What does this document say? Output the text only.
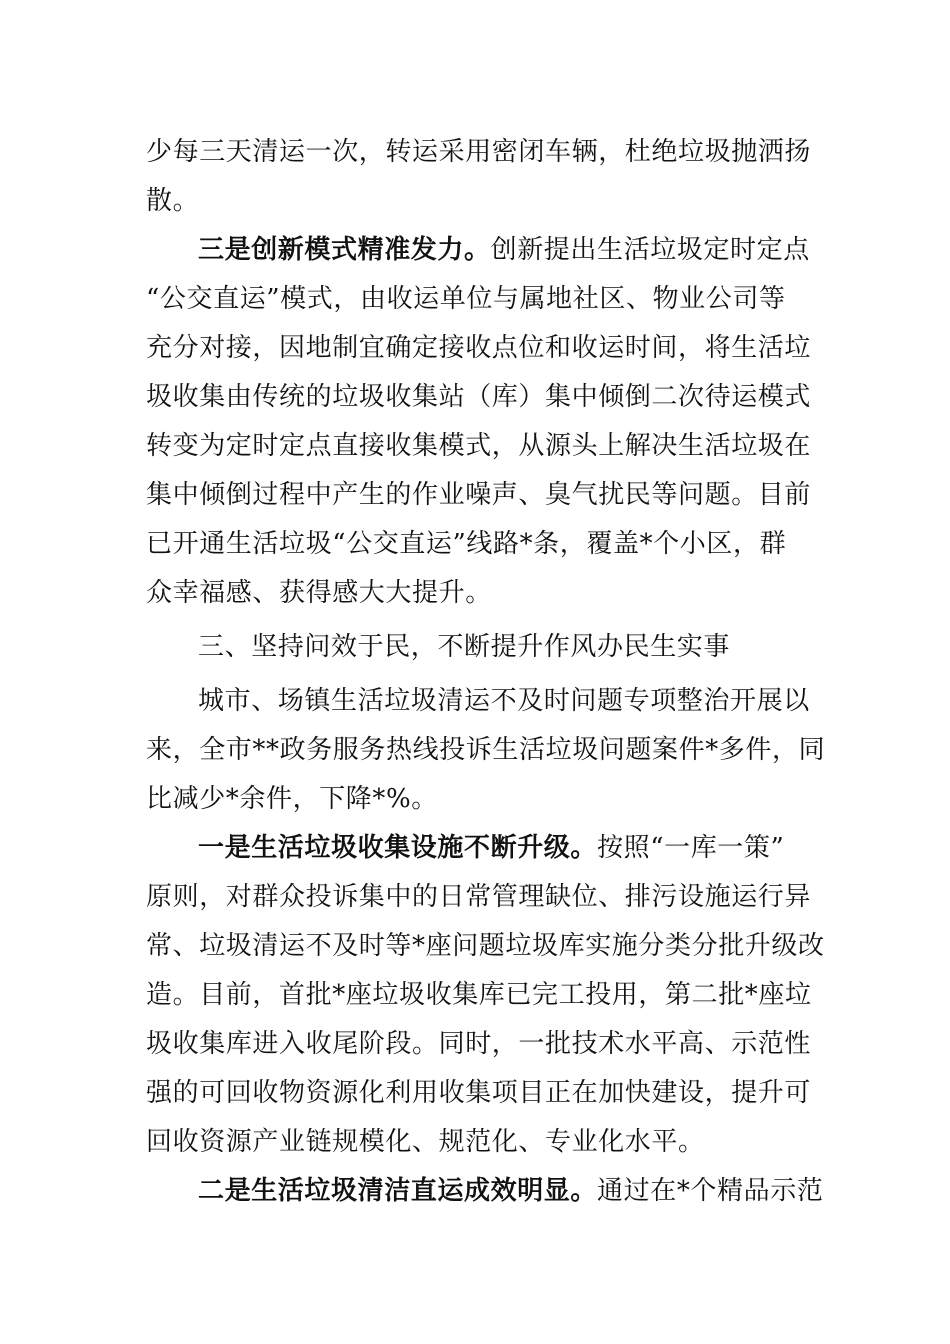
少每三天清运一次，转运采用密闭车辆，杜绝垃圾抛洒扬
散。
三是创新模式精准发力。创新提出生活垃圾定时定点
“公交直运”模式，由收运单位与属地社区、物业公司等
充分对接，因地制宜确定接收点位和收运时间，将生活垃
圾收集由传统的垃圾收集站（库）集中倾倒二次待运模式
转变为定时定点直接收集模式，从源头上解决生活垃圾在
集中倾倒过程中产生的作业噪声、臭气扰民等问题。目前
已开通生活垃圾“公交直运”线路*条，覆盖*个小区，群
众幸福感、获得感大大提升。
三、坚持问效于民，不断提升作风办民生实事
城市、场镇生活垃圾清运不及时问题专项整治开展以
来，全市**政务服务热线投诉生活垃圾问题案件*多件，同
比减少*余件，下降*%。
一是生活垃圾收集设施不断升级。按照“一库一策”
原则，对群众投诉集中的日常管理缺位、排污设施运行异
常、垃圾清运不及时等*座问题垃圾库实施分类分批升级改
造。目前，首批*座垃圾收集库已完工投用，第二批*座垃
圾收集库进入收尾阶段。同时，一批技术水平高、示范性
强的可回收物资源化利用收集项目正在加快建设，提升可
回收资源产业链规模化、规范化、专业化水平。
二是生活垃圾清洁直运成效明显。通过在*个精品示范
